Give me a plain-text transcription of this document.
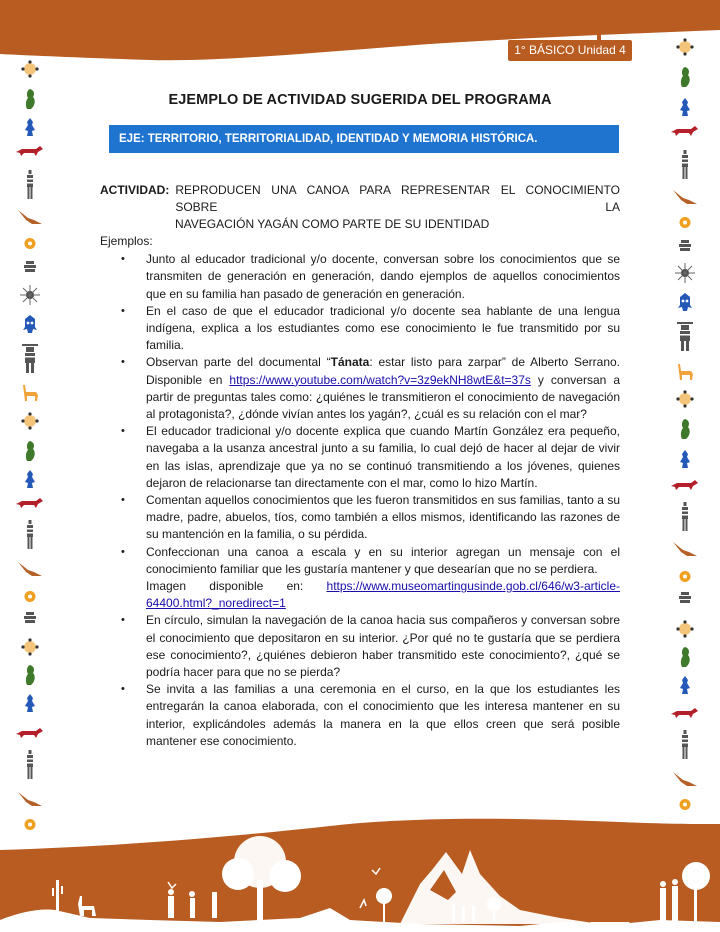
1° BÁSICO Unidad 4
EJEMPLO DE ACTIVIDAD SUGERIDA DEL PROGRAMA
EJE: TERRITORIO, TERRITORIALIDAD, IDENTIDAD Y MEMORIA HISTÓRICA.
ACTIVIDAD: REPRODUCEN UNA CANOA PARA REPRESENTAR EL CONOCIMIENTO SOBRE LA
NAVEGACIÓN YAGÁN COMO PARTE DE SU IDENTIDAD
Ejemplos:
• Junto al educador tradicional y/o docente, conversan sobre los conocimientos que se transmiten de generación en generación, dando ejemplos de aquellos conocimientos que en su familia han pasado de generación en generación.
• En el caso de que el educador tradicional y/o docente sea hablante de una lengua indígena, explica a los estudiantes como ese conocimiento le fue transmitido por su familia.
• Observan parte del documental “Tánata: estar listo para zarpar” de Alberto Serrano. Disponible en https://www.youtube.com/watch?v=3z9ekNH8wtE&t=37s y conversan a partir de preguntas tales como: ¿quiénes le transmitieron el conocimiento de navegación al protagonista?, ¿dónde vivían antes los yagán?, ¿cuál es su relación con el mar?
• El educador tradicional y/o docente explica que cuando Martín González era pequeño, navegaba a la usanza ancestral junto a su familia, lo cual dejó de hacer al dejar de vivir en las islas, aprendizaje que ya no se continuó transmitiendo a los jóvenes, quienes dejaron de relacionarse tan directamente con el mar, como lo hizo Martín.
• Comentan aquellos conocimientos que les fueron transmitidos en sus familias, tanto a su madre, padre, abuelos, tíos, como también a ellos mismos, identificando las razones de su mantención en la familia, o su pérdida.
• Confeccionan una canoa a escala y en su interior agregan un mensaje con el conocimiento familiar que les gustaría mantener y que desearían que no se perdiera.
Imagen disponible en: https://www.museomartingusinde.gob.cl/646/w3-article-
64400.html?_noredirect=1
• En círculo, simulan la navegación de la canoa hacia sus compañeros y conversan sobre el conocimiento que depositaron en su interior. ¿Por qué no te gustaría que se perdiera ese conocimiento?, ¿quiénes debieron haber transmitido este conocimiento?, ¿qué se podría hacer para que no se pierda?
• Se invita a las familias a una ceremonia en el curso, en la que los estudiantes les entregarán la canoa elaborada, con el conocimiento que les interesa mantener en su interior, explicándoles además la manera en la que ellos creen que será posible mantener ese conocimiento.
